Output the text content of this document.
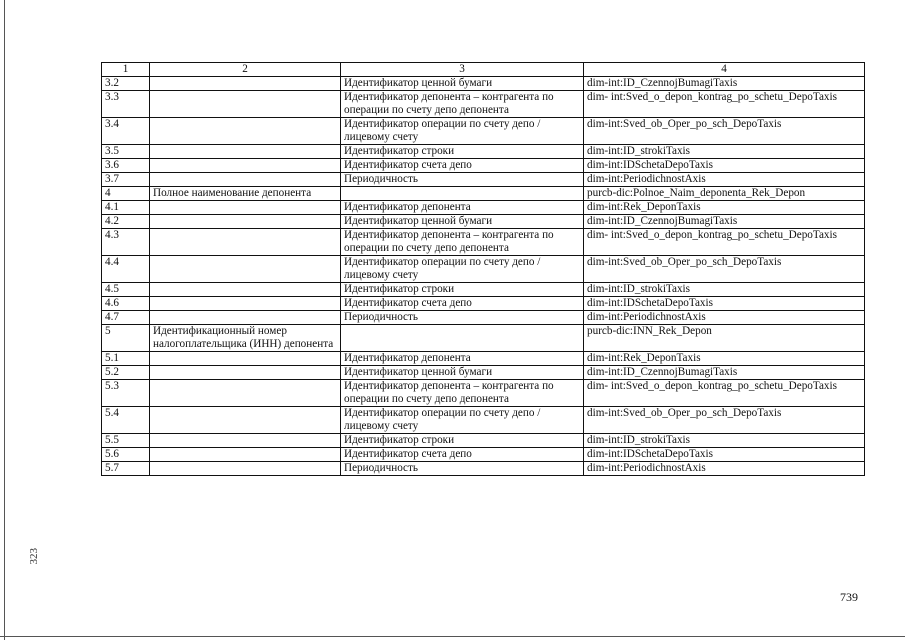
323
1	2	3	4
3.2		Идентификатор ценной бумаги	dim-int:ID_CzennojBumagiTaxis
3.3		Идентификатор депонента – контрагента по операции по счету депо депонента	dim- int:Sved_o_depon_kontrag_po_schetu_DepoTaxis
3.4		Идентификатор операции по счету депо / лицевому счету	dim-int:Sved_ob_Oper_po_sch_DepoTaxis
3.5		Идентификатор строки	dim-int:ID_strokiTaxis
3.6		Идентификатор счета депо	dim-int:IDSchetaDepoTaxis
3.7		Периодичность	dim-int:PeriodichnostAxis
4	Полное наименование депонента		purcb-dic:Polnoe_Naim_deponenta_Rek_Depon
4.1		Идентификатор депонента	dim-int:Rek_DeponTaxis
4.2		Идентификатор ценной бумаги	dim-int:ID_CzennojBumagiTaxis
4.3		Идентификатор депонента – контрагента по операции по счету депо депонента	dim- int:Sved_o_depon_kontrag_po_schetu_DepoTaxis
4.4		Идентификатор операции по счету депо / лицевому счету	dim-int:Sved_ob_Oper_po_sch_DepoTaxis
4.5		Идентификатор строки	dim-int:ID_strokiTaxis
4.6		Идентификатор счета депо	dim-int:IDSchetaDepoTaxis
4.7		Периодичность	dim-int:PeriodichnostAxis
5	Идентификационный номер налогоплательщика (ИНН) депонента		purcb-dic:INN_Rek_Depon
5.1		Идентификатор депонента	dim-int:Rek_DeponTaxis
5.2		Идентификатор ценной бумаги	dim-int:ID_CzennojBumagiTaxis
5.3		Идентификатор депонента – контрагента по операции по счету депо депонента	dim- int:Sved_o_depon_kontrag_po_schetu_DepoTaxis
5.4		Идентификатор операции по счету депо / лицевому счету	dim-int:Sved_ob_Oper_po_sch_DepoTaxis
5.5		Идентификатор строки	dim-int:ID_strokiTaxis
5.6		Идентификатор счета депо	dim-int:IDSchetaDepoTaxis
5.7		Периодичность	dim-int:PeriodichnostAxis
739
